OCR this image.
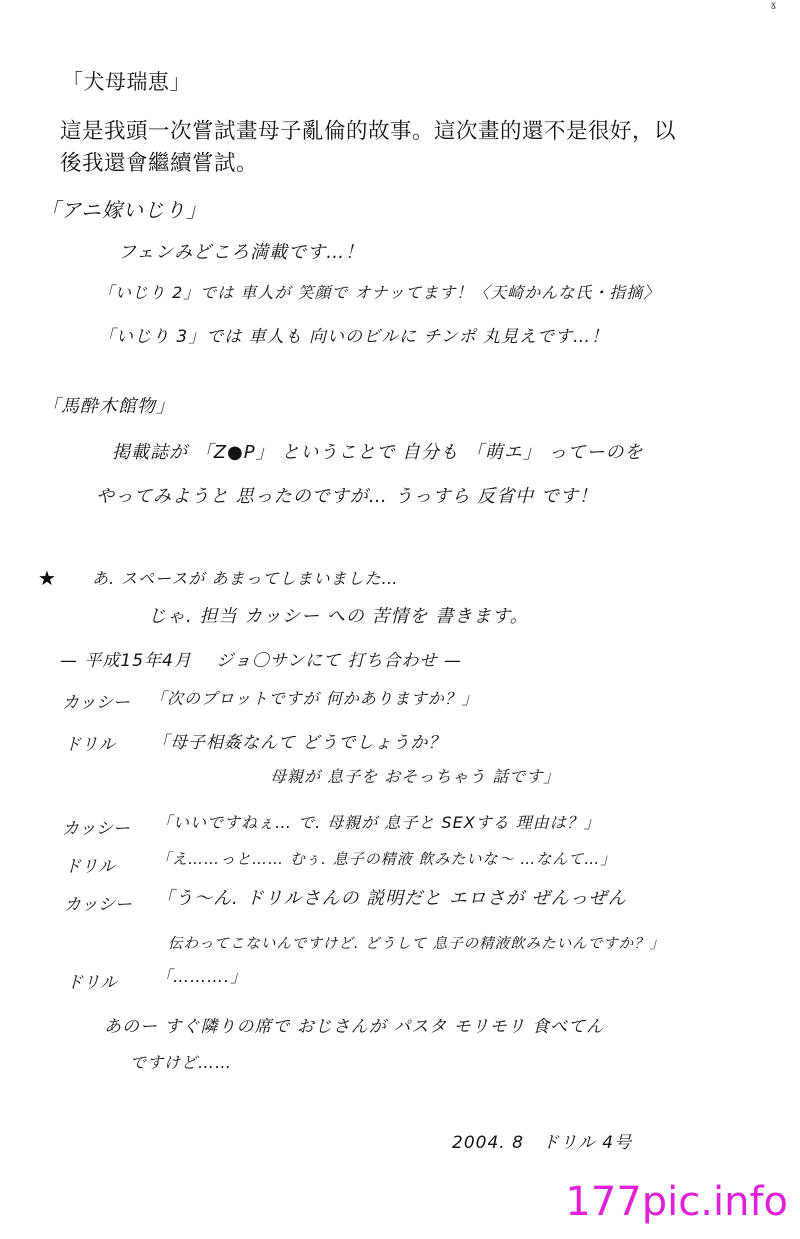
ɤ
「犬母瑞恵」
這是我頭一次嘗試畫母子亂倫的故事。這次畫的還不是很好，以
後我還會繼續嘗試。
「アニ嫁いじり」
フェンみどころ満載です…！
「いじり 2」では 車人が 笑顔で オナッてます！〈天崎かんな氏・指摘〉
「いじり 3」では 車人も 向いのビルに チンポ 丸見えです…！
「馬酔木館物」
掲載誌が 「Z●P」 ということで 自分も 「萌エ」 ってーのを
やってみようと 思ったのですが… うっすら 反省中 です！
★ あ. スペースが あまってしまいました…
じゃ. 担当 カッシー への 苦情を 書きます。
— 平成15年4月　 ジョ〇サンにて 打ち合わせ —
カッシー 「次のプロットですが 何かありますか？」
ドリル 「母子相姦なんて どうでしょうか？
母親が 息子を おそっちゃう 話です」
カッシー 「いいですねぇ… で. 母親が 息子と SEXする 理由は？」
ドリル	「え……っと…… むぅ. 息子の精液 飲みたいな〜 …なんて…」
カッシー 「う〜ん. ドリルさんの 説明だと エロさが ぜんっぜん
伝わってこないんですけど. どうして 息子の精液飲みたいんですか？」
ドリル 「……….」
あのー すぐ隣りの席で おじさんが パスタ モリモリ 食べてん
ですけど……
2004. 8　ドリル 4号
177pic.info
